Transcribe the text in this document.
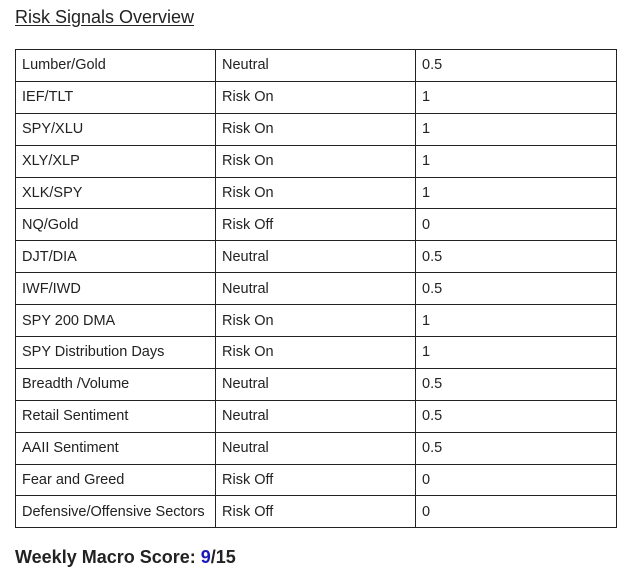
Risk Signals Overview
Lumber/Gold	Neutral	0.5
IEF/TLT	Risk On	1
SPY/XLU	Risk On	1
XLY/XLP	Risk On	1
XLK/SPY	Risk On	1
NQ/Gold	Risk Off	0
DJT/DIA	Neutral	0.5
IWF/IWD	Neutral	0.5
SPY 200 DMA	Risk On	1
SPY Distribution Days	Risk On	1
Breadth /Volume	Neutral	0.5
Retail Sentiment	Neutral	0.5
AAII Sentiment	Neutral	0.5
Fear and Greed	Risk Off	0
Defensive/Offensive Sectors	Risk Off	0

Weekly Macro Score: 9/15
